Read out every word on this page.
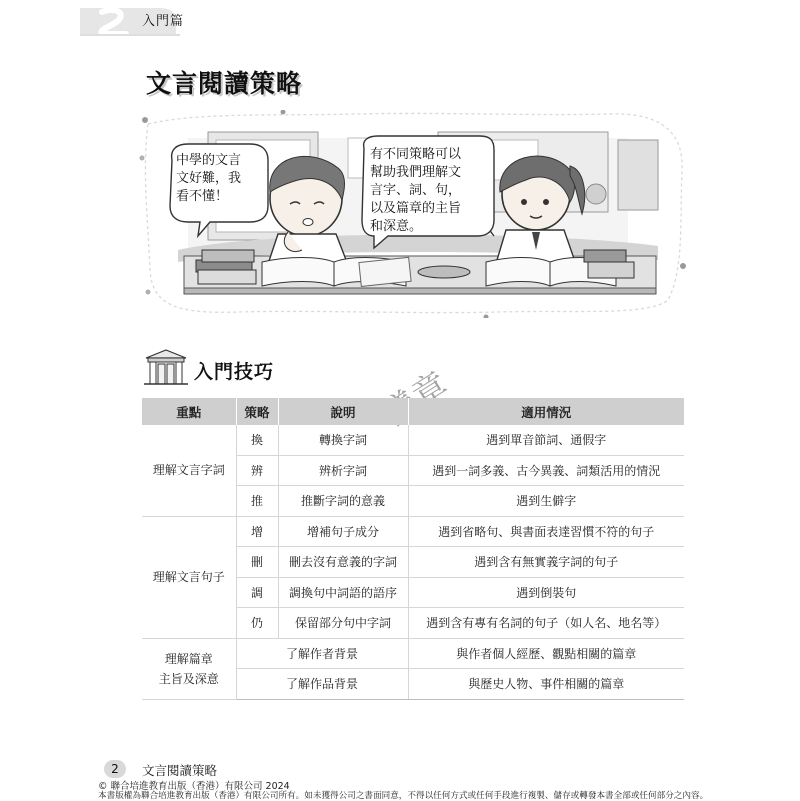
入門篇
文言閱讀策略
中學的文言
文好難，我
看不懂！
有不同策略可以
幫助我們理解文
言字、詞、句，
以及篇章的主旨
和深意。
入門技巧
重點	策略	說明	適用情況
理解文言字詞	換	轉換字詞	遇到單音節詞、通假字
	辨	辨析字詞	遇到一詞多義、古今異義、詞類活用的情況
	推	推斷字詞的意義	遇到生僻字
理解文言句子	增	增補句子成分	遇到省略句、與書面表達習慣不符的句子
	刪	刪去沒有意義的字詞	遇到含有無實義字詞的句子
	調	調換句中詞語的語序	遇到倒裝句
	仍	保留部分句中字詞	遇到含有專有名詞的句子（如人名、地名等）

理解篇章
主旨及深意	了解作者背景		與作者個人經歷、觀點相關的篇章
	了解作品背景		與歷史人物、事件相關的篇章
2	文言閱讀策略
© 聯合培進教育出版（香港）有限公司 2024
本書版權為聯合培進教育出版（香港）有限公司所有。如未獲得公司之書面同意，不得以任何方式或任何手段進行複製、儲存或轉發本書全部或任何部分之內容。
